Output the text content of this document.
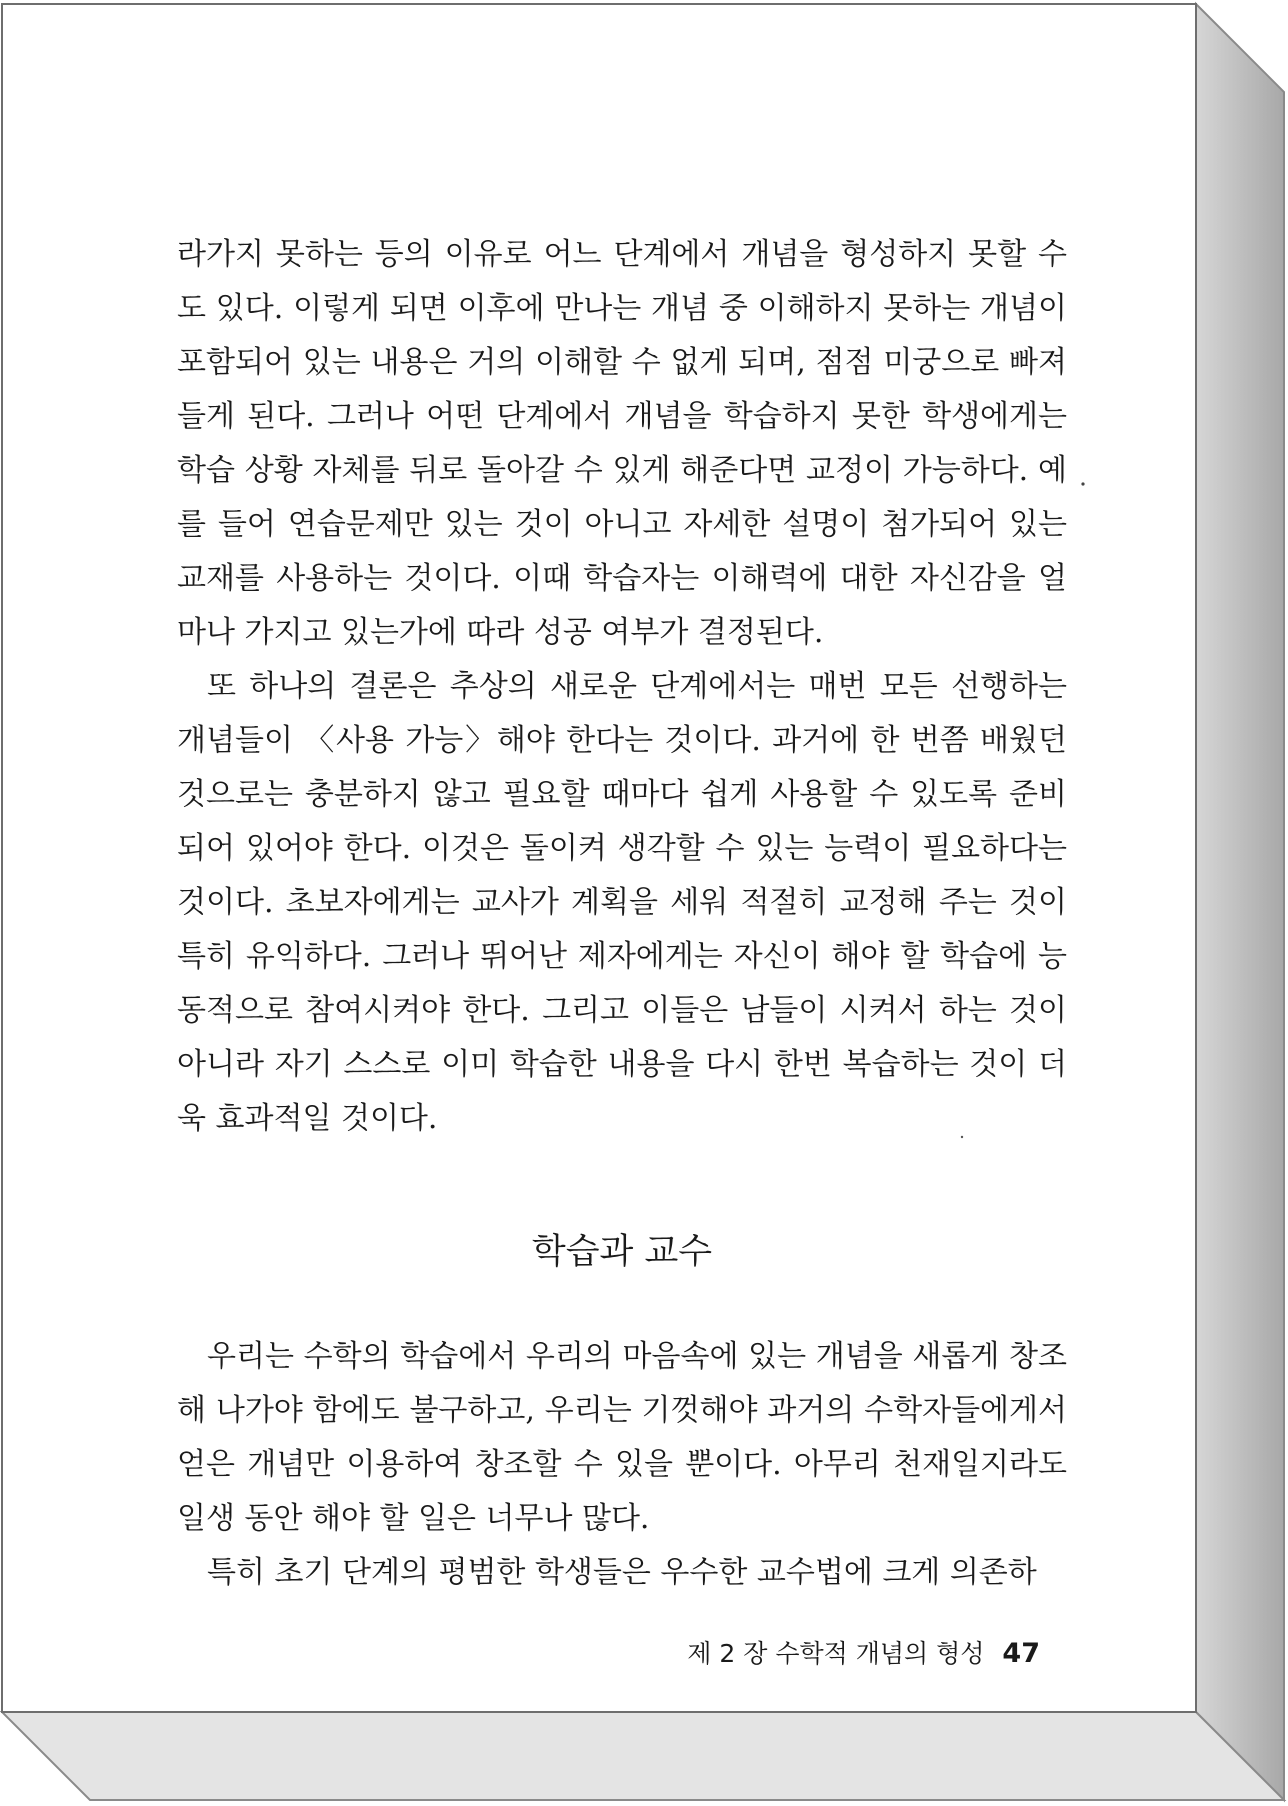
라가지 못하는 등의 이유로 어느 단계에서 개념을 형성하지 못할 수도 있다. 이렇게 되면 이후에 만나는 개념 중 이해하지 못하는 개념이 포함되어 있는 내용은 거의 이해할 수 없게 되며, 점점 미궁으로 빠져들게 된다. 그러나 어떤 단계에서 개념을 학습하지 못한 학생에게는 학습 상황 자체를 뒤로 돌아갈 수 있게 해준다면 교정이 가능하다. 예를 들어 연습문제만 있는 것이 아니고 자세한 설명이 첨가되어 있는 교재를 사용하는 것이다. 이때 학습자는 이해력에 대한 자신감을 얼마나 가지고 있는가에 따라 성공 여부가 결정된다.

또 하나의 결론은 추상의 새로운 단계에서는 매번 모든 선행하는 개념들이 〈사용 가능〉해야 한다는 것이다. 과거에 한 번쯤 배웠던 것으로는 충분하지 않고 필요할 때마다 쉽게 사용할 수 있도록 준비되어 있어야 한다. 이것은 돌이켜 생각할 수 있는 능력이 필요하다는 것이다. 초보자에게는 교사가 계획을 세워 적절히 교정해 주는 것이 특히 유익하다. 그러나 뛰어난 제자에게는 자신이 해야 할 학습에 능동적으로 참여시켜야 한다. 그리고 이들은 남들이 시켜서 하는 것이 아니라 자기 스스로 이미 학습한 내용을 다시 한번 복습하는 것이 더욱 효과적일 것이다.

학습과 교수

우리는 수학의 학습에서 우리의 마음속에 있는 개념을 새롭게 창조해 나가야 함에도 불구하고, 우리는 기껏해야 과거의 수학자들에게서 얻은 개념만 이용하여 창조할 수 있을 뿐이다. 아무리 천재일지라도 일생 동안 해야 할 일은 너무나 많다.

특히 초기 단계의 평범한 학생들은 우수한 교수법에 크게 의존하

제 2 장 수학적 개념의 형성 47
